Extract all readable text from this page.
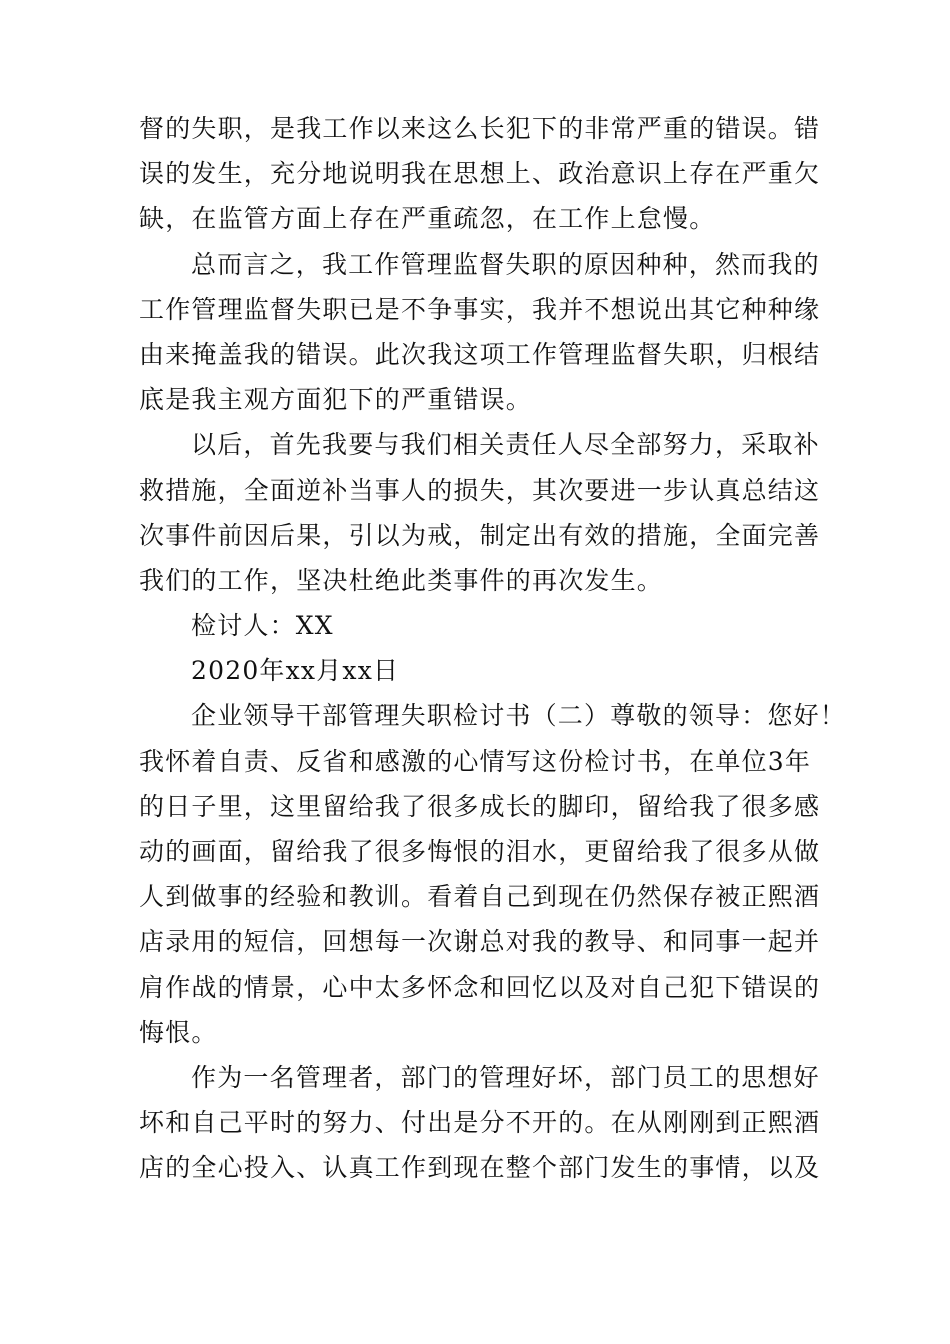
督的失职，是我工作以来这么长犯下的非常严重的错误。错
误的发生，充分地说明我在思想上、政治意识上存在严重欠
缺，在监管方面上存在严重疏忽，在工作上怠慢。
总而言之，我工作管理监督失职的原因种种，然而我的
工作管理监督失职已是不争事实，我并不想说出其它种种缘
由来掩盖我的错误。此次我这项工作管理监督失职，归根结
底是我主观方面犯下的严重错误。
以后，首先我要与我们相关责任人尽全部努力，采取补
救措施，全面逆补当事人的损失，其次要进一步认真总结这
次事件前因后果，引以为戒，制定出有效的措施，全面完善
我们的工作，坚决杜绝此类事件的再次发生。
检讨人：XX
2020年xx月xx日
企业领导干部管理失职检讨书（二）尊敬的领导：您好！
我怀着自责、反省和感激的心情写这份检讨书，在单位3年
的日子里，这里留给我了很多成长的脚印，留给我了很多感
动的画面，留给我了很多悔恨的泪水，更留给我了很多从做
人到做事的经验和教训。看着自己到现在仍然保存被正熙酒
店录用的短信，回想每一次谢总对我的教导、和同事一起并
肩作战的情景，心中太多怀念和回忆以及对自己犯下错误的
悔恨。
作为一名管理者，部门的管理好坏，部门员工的思想好
坏和自己平时的努力、付出是分不开的。在从刚刚到正熙酒
店的全心投入、认真工作到现在整个部门发生的事情，以及
